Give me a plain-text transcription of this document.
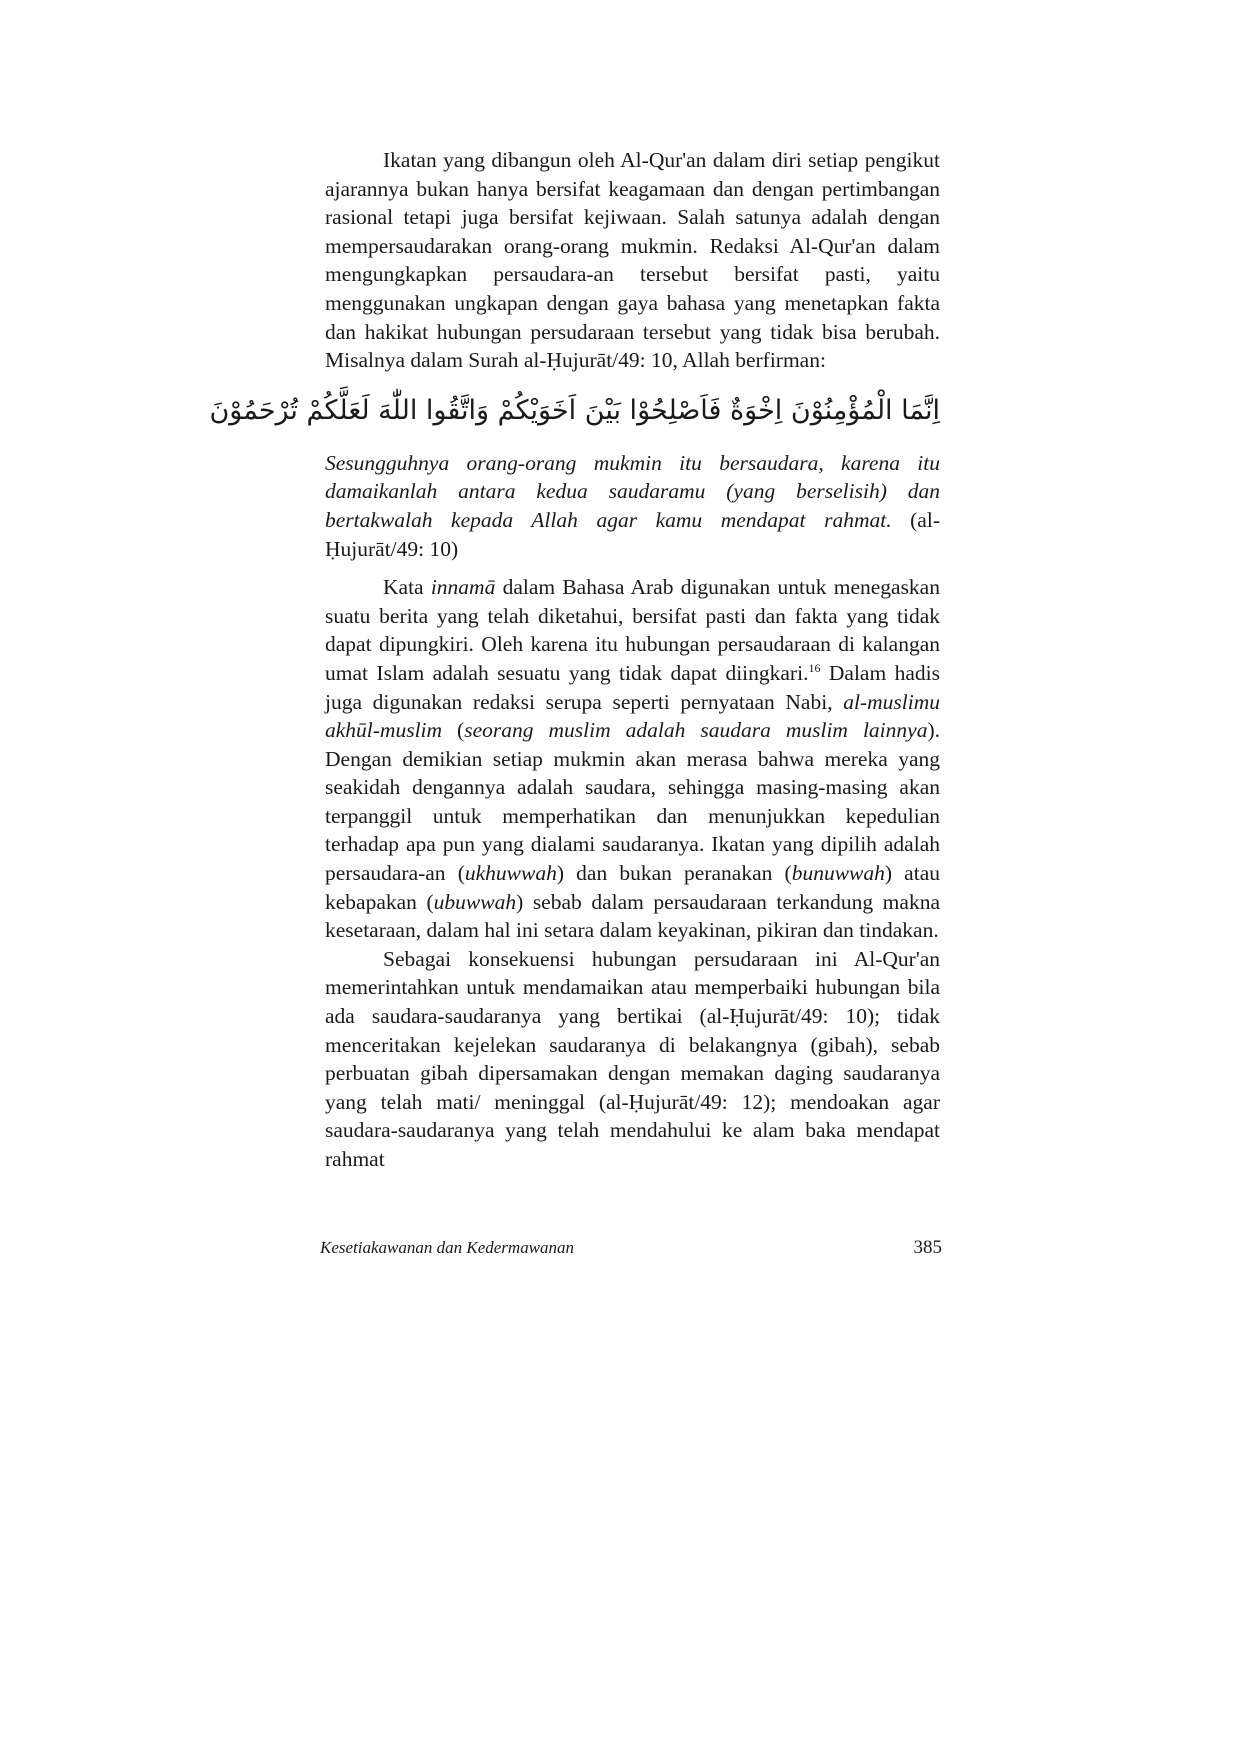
Ikatan yang dibangun oleh Al-Qur'an dalam diri setiap pengikut ajarannya bukan hanya bersifat keagamaan dan dengan pertimbangan rasional tetapi juga bersifat kejiwaan. Salah satunya adalah dengan mempersaudarakan orang-orang mukmin. Redaksi Al-Qur'an dalam mengungkapkan persaudara-an tersebut bersifat pasti, yaitu menggunakan ungkapan dengan gaya bahasa yang menetapkan fakta dan hakikat hubungan persudaraan tersebut yang tidak bisa berubah. Misalnya dalam Surah al-Ḥujurāt/49: 10, Allah berfirman:

اِنَّمَا الْمُؤْمِنُوْنَ اِخْوَةٌ فَاَصْلِحُوْا بَيْنَ اَخَوَيْكُمْ وَاتَّقُوا اللّٰهَ لَعَلَّكُمْ تُرْحَمُوْنَ

Sesungguhnya orang-orang mukmin itu bersaudara, karena itu damaikanlah antara kedua saudaramu (yang berselisih) dan bertakwalah kepada Allah agar kamu mendapat rahmat. (al-Ḥujurāt/49: 10)

Kata innamā dalam Bahasa Arab digunakan untuk menegaskan suatu berita yang telah diketahui, bersifat pasti dan fakta yang tidak dapat dipungkiri. Oleh karena itu hubungan persaudaraan di kalangan umat Islam adalah sesuatu yang tidak dapat diingkari.$^{16}$ Dalam hadis juga digunakan redaksi serupa seperti pernyataan Nabi, al-muslimu akhūl-muslim (seorang muslim adalah saudara muslim lainnya). Dengan demikian setiap mukmin akan merasa bahwa mereka yang seakidah dengannya adalah saudara, sehingga masing-masing akan terpanggil untuk memperhatikan dan menunjukkan kepedulian terhadap apa pun yang dialami saudaranya. Ikatan yang dipilih adalah persaudara-an (ukhuwwah) dan bukan peranakan (bunuwwah) atau kebapakan (ubuwwah) sebab dalam persaudaraan terkandung makna kesetaraan, dalam hal ini setara dalam keyakinan, pikiran dan tindakan.

Sebagai konsekuensi hubungan persudaraan ini Al-Qur'an memerintahkan untuk mendamaikan atau memperbaiki hubungan bila ada saudara-saudaranya yang bertikai (al-Ḥujurāt/49: 10); tidak menceritakan kejelekan saudaranya di belakangnya (gibah), sebab perbuatan gibah dipersamakan dengan memakan daging saudaranya yang telah mati/ meninggal (al-Ḥujurāt/49: 12); mendoakan agar saudara-saudaranya yang telah mendahului ke alam baka mendapat rahmat

Kesetiakawanan dan Kedermawanan	385
